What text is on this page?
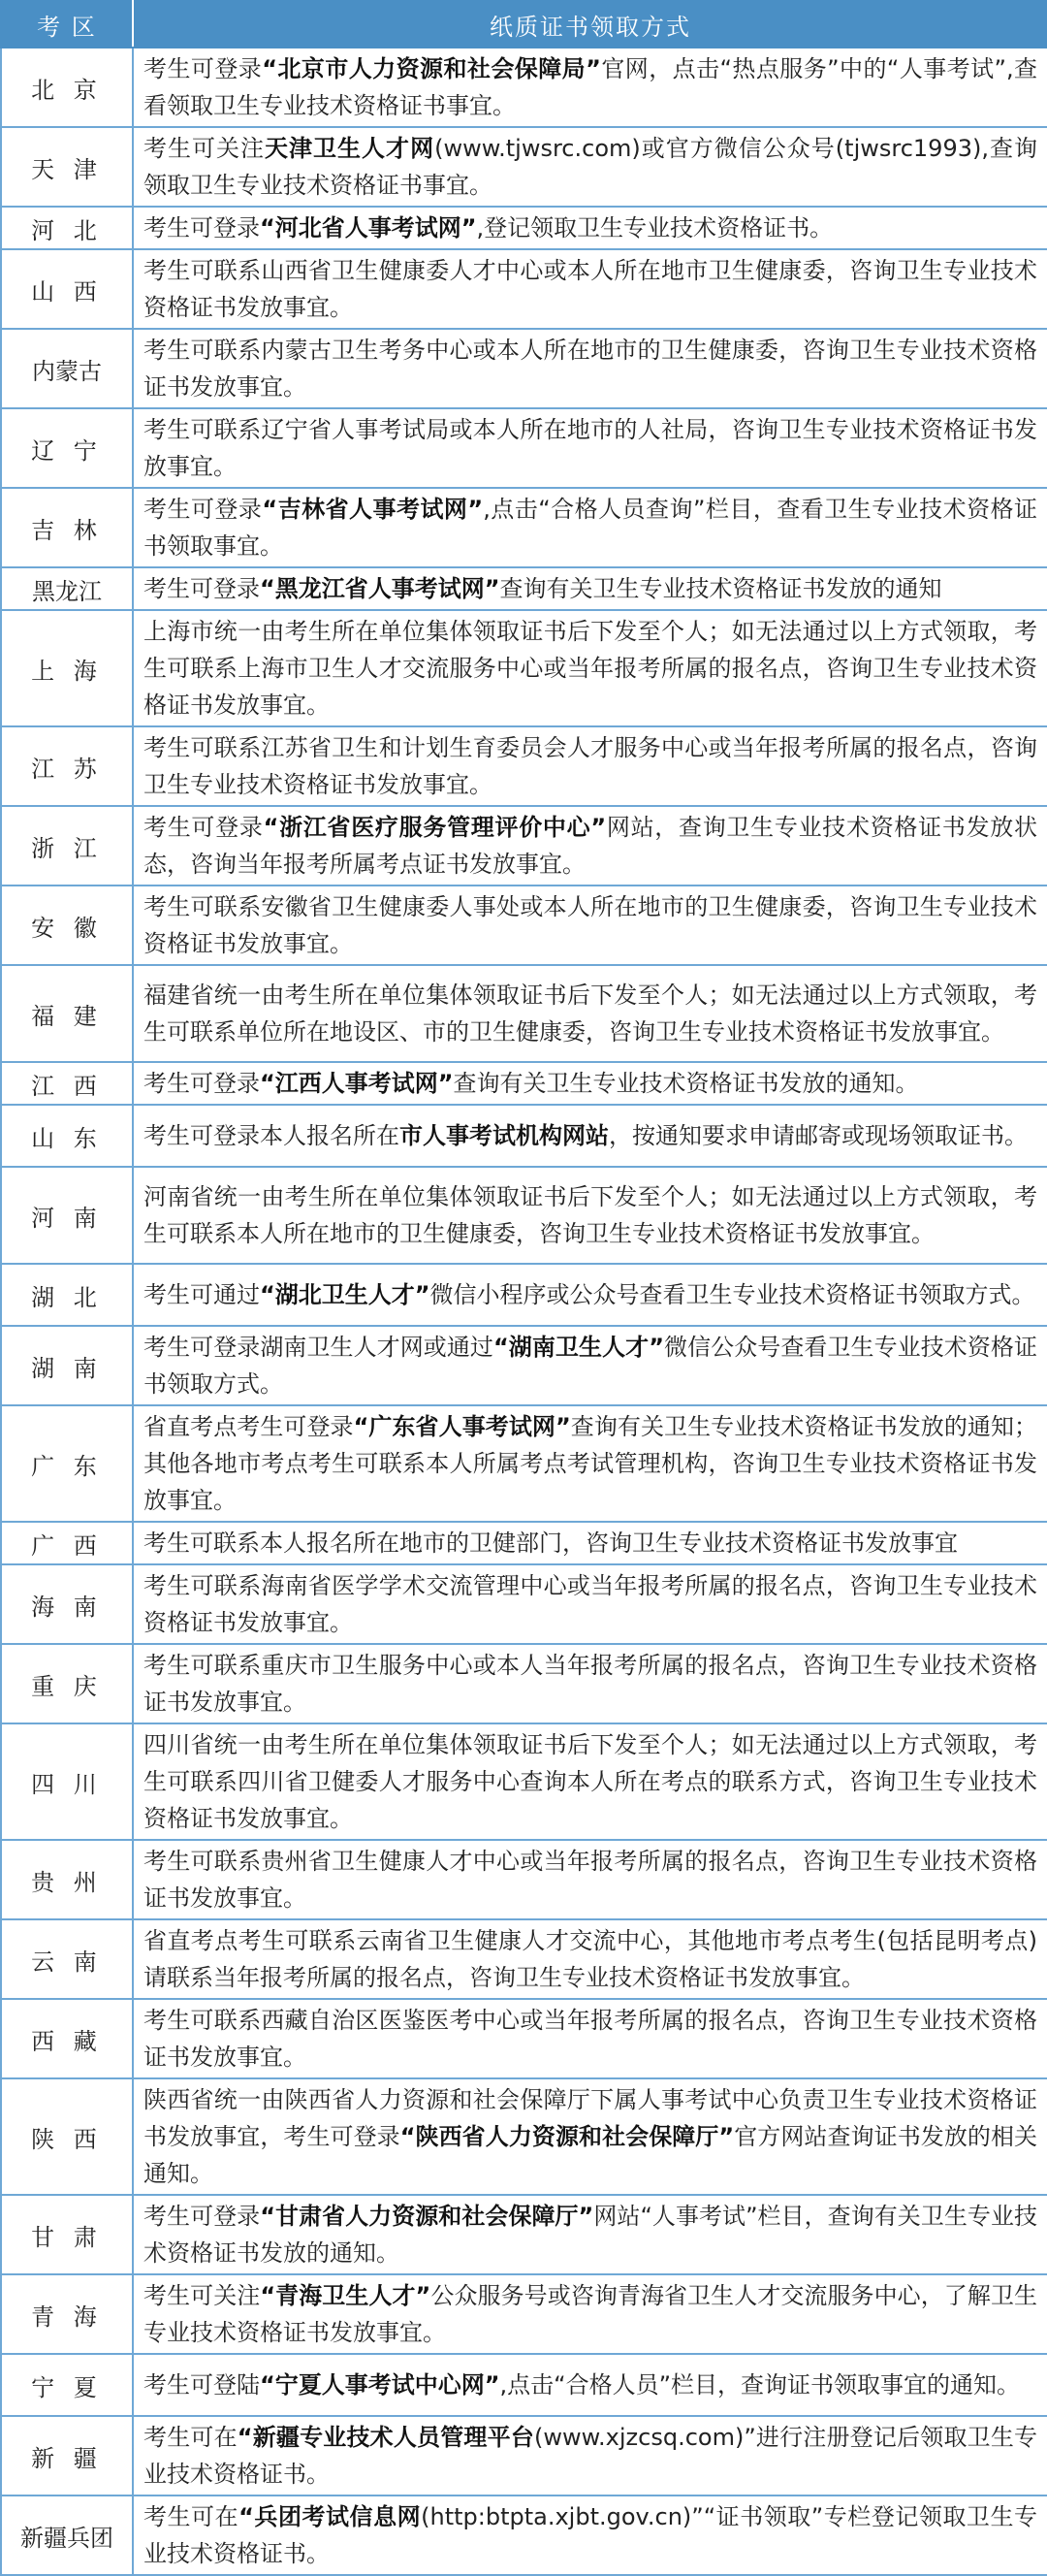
考 区	纸质证书领取方式
北 京	考生可登录“北京市人力资源和社会保障局”官网，点击“热点服务”中的“人事考试”,查看领取卫生专业技术资格证书事宜。
天 津	考生可关注天津卫生人才网(www.tjwsrc.com)或官方微信公众号(tjwsrc1993),查询领取卫生专业技术资格证书事宜。
河 北	考生可登录“河北省人事考试网”,登记领取卫生专业技术资格证书。
山 西	考生可联系山西省卫生健康委人才中心或本人所在地市卫生健康委，咨询卫生专业技术资格证书发放事宜。
内蒙古	考生可联系内蒙古卫生考务中心或本人所在地市的卫生健康委，咨询卫生专业技术资格证书发放事宜。
辽 宁	考生可联系辽宁省人事考试局或本人所在地市的人社局，咨询卫生专业技术资格证书发放事宜。
吉 林	考生可登录“吉林省人事考试网”,点击“合格人员查询”栏目，查看卫生专业技术资格证书领取事宜。
黑龙江	考生可登录“黑龙江省人事考试网”查询有关卫生专业技术资格证书发放的通知
上 海	上海市统一由考生所在单位集体领取证书后下发至个人；如无法通过以上方式领取，考生可联系上海市卫生人才交流服务中心或当年报考所属的报名点，咨询卫生专业技术资格证书发放事宜。
江 苏	考生可联系江苏省卫生和计划生育委员会人才服务中心或当年报考所属的报名点，咨询卫生专业技术资格证书发放事宜。
浙 江	考生可登录“浙江省医疗服务管理评价中心”网站，查询卫生专业技术资格证书发放状态，咨询当年报考所属考点证书发放事宜。
安 徽	考生可联系安徽省卫生健康委人事处或本人所在地市的卫生健康委，咨询卫生专业技术资格证书发放事宜。
福 建	福建省统一由考生所在单位集体领取证书后下发至个人；如无法通过以上方式领取，考生可联系单位所在地设区、市的卫生健康委，咨询卫生专业技术资格证书发放事宜。
江 西	考生可登录“江西人事考试网”查询有关卫生专业技术资格证书发放的通知。
山 东	考生可登录本人报名所在市人事考试机构网站，按通知要求申请邮寄或现场领取证书。
河 南	河南省统一由考生所在单位集体领取证书后下发至个人；如无法通过以上方式领取，考生可联系本人所在地市的卫生健康委，咨询卫生专业技术资格证书发放事宜。
湖 北	考生可通过“湖北卫生人才”微信小程序或公众号查看卫生专业技术资格证书领取方式。
湖 南	考生可登录湖南卫生人才网或通过“湖南卫生人才”微信公众号查看卫生专业技术资格证书领取方式。
广 东	省直考点考生可登录“广东省人事考试网”查询有关卫生专业技术资格证书发放的通知；其他各地市考点考生可联系本人所属考点考试管理机构，咨询卫生专业技术资格证书发放事宜。
广 西	考生可联系本人报名所在地市的卫健部门，咨询卫生专业技术资格证书发放事宜
海 南	考生可联系海南省医学学术交流管理中心或当年报考所属的报名点，咨询卫生专业技术资格证书发放事宜。
重 庆	考生可联系重庆市卫生服务中心或本人当年报考所属的报名点，咨询卫生专业技术资格证书发放事宜。
四 川	四川省统一由考生所在单位集体领取证书后下发至个人；如无法通过以上方式领取，考生可联系四川省卫健委人才服务中心查询本人所在考点的联系方式，咨询卫生专业技术资格证书发放事宜。
贵 州	考生可联系贵州省卫生健康人才中心或当年报考所属的报名点，咨询卫生专业技术资格证书发放事宜。
云 南	省直考点考生可联系云南省卫生健康人才交流中心，其他地市考点考生(包括昆明考点)请联系当年报考所属的报名点，咨询卫生专业技术资格证书发放事宜。
西 藏	考生可联系西藏自治区医鉴医考中心或当年报考所属的报名点，咨询卫生专业技术资格证书发放事宜。
陕 西	陕西省统一由陕西省人力资源和社会保障厅下属人事考试中心负责卫生专业技术资格证书发放事宜，考生可登录“陕西省人力资源和社会保障厅”官方网站查询证书发放的相关通知。
甘 肃	考生可登录“甘肃省人力资源和社会保障厅”网站“人事考试”栏目，查询有关卫生专业技术资格证书发放的通知。
青 海	考生可关注“青海卫生人才”公众服务号或咨询青海省卫生人才交流服务中心，了解卫生专业技术资格证书发放事宜。
宁 夏	考生可登陆“宁夏人事考试中心网”,点击“合格人员”栏目，查询证书领取事宜的通知。
新 疆	考生可在“新疆专业技术人员管理平台(www.xjzcsq.com)”进行注册登记后领取卫生专业技术资格证书。
新疆兵团	考生可在“兵团考试信息网(http:btpta.xjbt.gov.cn)”“证书领取”专栏登记领取卫生专业技术资格证书。
